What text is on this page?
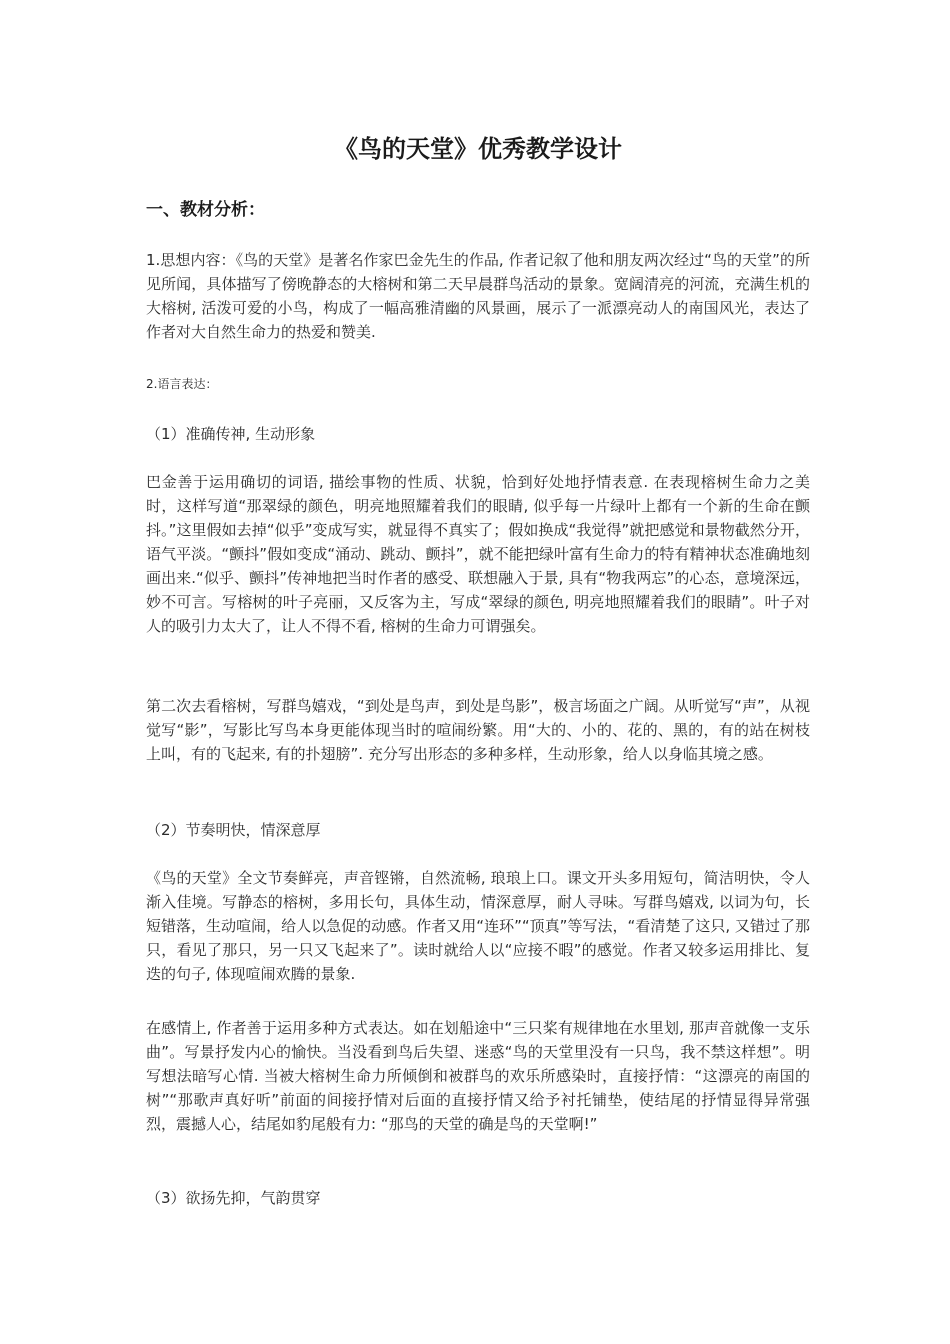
《鸟的天堂》优秀教学设计
一、教材分析：

1.思想内容：《鸟的天堂》是著名作家巴金先生的作品, 作者记叙了他和朋友两次经过“鸟的天堂”的所见所闻，具体描写了傍晚静态的大榕树和第二天早晨群鸟活动的景象。宽阔清亮的河流，充满生机的大榕树, 活泼可爱的小鸟，构成了一幅高雅清幽的风景画，展示了一派漂亮动人的南国风光，表达了作者对大自然生命力的热爱和赞美.

2.语言表达：

（1）准确传神, 生动形象

巴金善于运用确切的词语, 描绘事物的性质、状貌，恰到好处地抒情表意. 在表现榕树生命力之美时，这样写道“那翠绿的颜色，明亮地照耀着我们的眼睛, 似乎每一片绿叶上都有一个新的生命在颤抖。”这里假如去掉“似乎”变成写实，就显得不真实了；假如换成“我觉得”就把感觉和景物截然分开，语气平淡。“颤抖”假如变成“涌动、跳动、颤抖”，就不能把绿叶富有生命力的特有精神状态准确地刻画出来.“似乎、颤抖”传神地把当时作者的感受、联想融入于景, 具有“物我两忘”的心态，意境深远，妙不可言。写榕树的叶子亮丽，又反客为主，写成“翠绿的颜色, 明亮地照耀着我们的眼睛”。叶子对人的吸引力太大了，让人不得不看, 榕树的生命力可谓强矣。

第二次去看榕树，写群鸟嬉戏，“到处是鸟声，到处是鸟影”，极言场面之广阔。从听觉写“声”，从视觉写“影”，写影比写鸟本身更能体现当时的喧闹纷繁。用“大的、小的、花的、黑的，有的站在树枝上叫，有的飞起来, 有的扑翅膀”. 充分写出形态的多种多样，生动形象，给人以身临其境之感。

（2）节奏明快，情深意厚

《鸟的天堂》全文节奏鲜亮，声音铿锵，自然流畅, 琅琅上口。课文开头多用短句，简洁明快，令人渐入佳境。写静态的榕树，多用长句，具体生动，情深意厚，耐人寻味。写群鸟嬉戏, 以词为句，长短错落，生动喧闹，给人以急促的动感。作者又用“连环”“顶真”等写法，“看清楚了这只, 又错过了那只，看见了那只，另一只又飞起来了”。读时就给人以“应接不暇”的感觉。作者又较多运用排比、复迭的句子, 体现喧闹欢腾的景象.

在感情上, 作者善于运用多种方式表达。如在划船途中“三只桨有规律地在水里划, 那声音就像一支乐曲”。写景抒发内心的愉快。当没看到鸟后失望、迷惑“鸟的天堂里没有一只鸟，我不禁这样想”。明写想法暗写心情. 当被大榕树生命力所倾倒和被群鸟的欢乐所感染时，直接抒情：“这漂亮的南国的树”“那歌声真好听”前面的间接抒情对后面的直接抒情又给予衬托铺垫，使结尾的抒情显得异常强烈，震撼人心，结尾如豹尾般有力: “那鸟的天堂的确是鸟的天堂啊!”

（3）欲扬先抑，气韵贯穿
